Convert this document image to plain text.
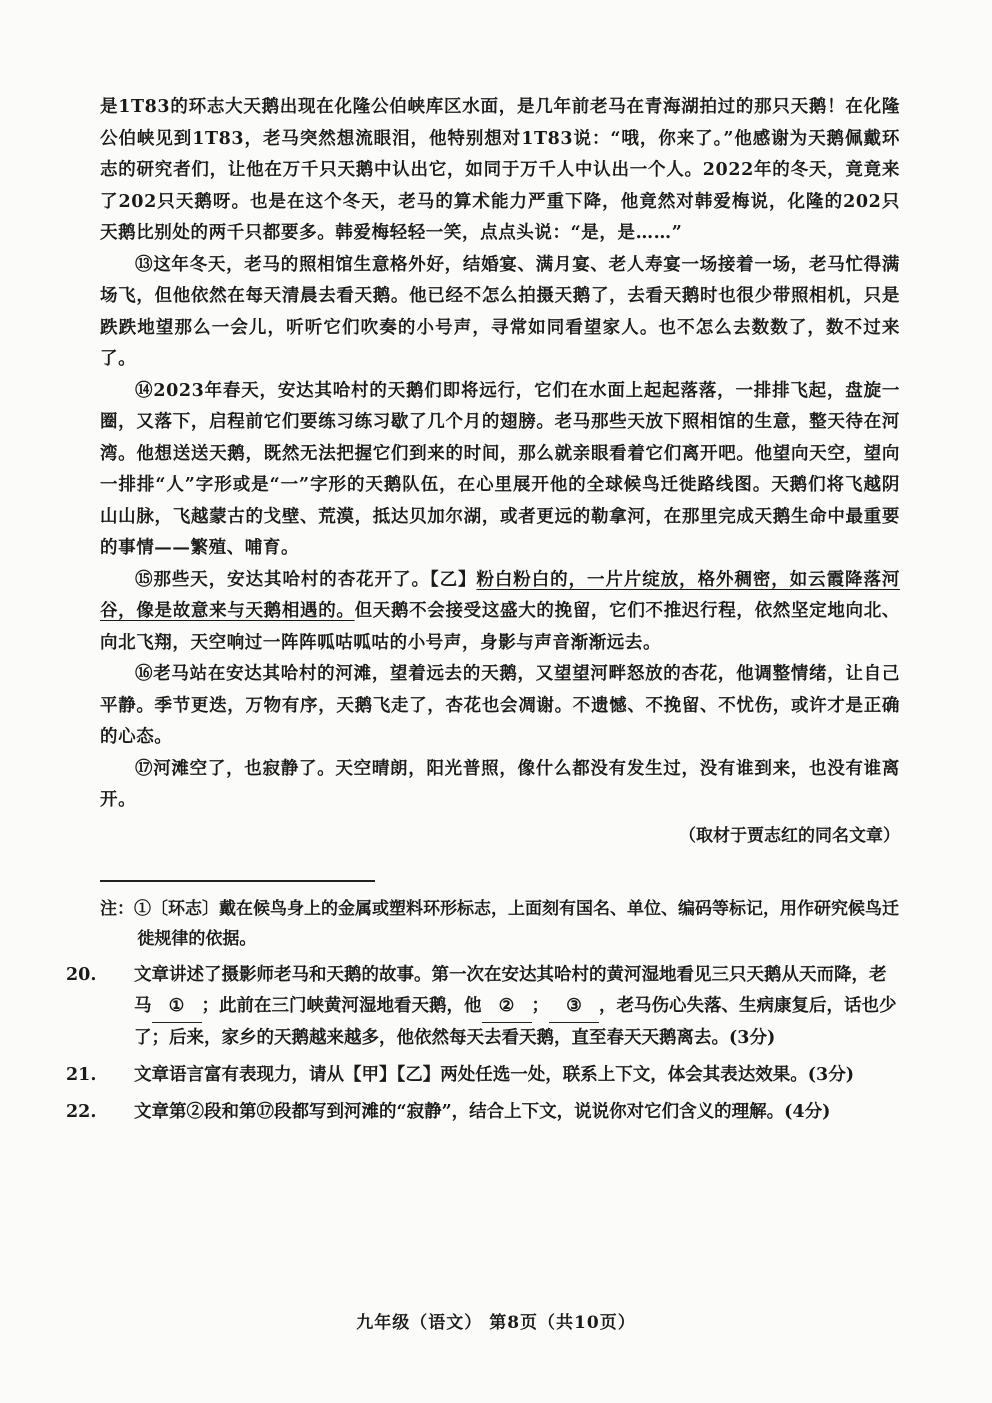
是1T83的环志大天鹅出现在化隆公伯峡库区水面，是几年前老马在青海湖拍过的那只天鹅！在化隆公伯峡见到1T83，老马突然想流眼泪，他特别想对1T83说：“哦，你来了。”他感谢为天鹅佩戴环志的研究者们，让他在万千只天鹅中认出它，如同于万千人中认出一个人。2022年的冬天，竟竟来了202只天鹅呀。也是在这个冬天，老马的算术能力严重下降，他竟然对韩爱梅说，化隆的202只天鹅比别处的两千只都要多。韩爱梅轻轻一笑，点点头说：“是，是……”

⑬这年冬天，老马的照相馆生意格外好，结婚宴、满月宴、老人寿宴一场接着一场，老马忙得满场飞，但他依然在每天清晨去看天鹅。他已经不怎么拍摄天鹅了，去看天鹅时也很少带照相机，只是跌跌地望那么一会儿，听听它们吹奏的小号声，寻常如同看望家人。也不怎么去数数了，数不过来了。

⑭2023年春天，安达其哈村的天鹅们即将远行，它们在水面上起起落落，一排排飞起，盘旋一圈，又落下，启程前它们要练习练习歇了几个月的翅膀。老马那些天放下照相馆的生意，整天待在河湾。他想送送天鹅，既然无法把握它们到来的时间，那么就亲眼看着它们离开吧。他望向天空，望向一排排“人”字形或是“一”字形的天鹅队伍，在心里展开他的全球候鸟迁徙路线图。天鹅们将飞越阴山山脉，飞越蒙古的戈壁、荒漠，抵达贝加尔湖，或者更远的勒拿河，在那里完成天鹅生命中最重要的事情——繁殖、哺育。

⑮那些天，安达其哈村的杏花开了。【乙】粉白粉白的，一片片绽放，格外稠密，如云霞降落河谷，像是故意来与天鹅相遇的。但天鹅不会接受这盛大的挽留，它们不推迟行程，依然坚定地向北、向北飞翔，天空响过一阵阵呱咕呱咕的小号声，身影与声音渐渐远去。

⑯老马站在安达其哈村的河滩，望着远去的天鹅，又望望河畔怒放的杏花，他调整情绪，让自己平静。季节更迭，万物有序，天鹅飞走了，杏花也会凋谢。不遗憾、不挽留、不忧伤，或许才是正确的心态。

⑰河滩空了，也寂静了。天空晴朗，阳光普照，像什么都没有发生过，没有谁到来，也没有谁离开。

（取材于贾志红的同名文章）
注：①〔环志〕戴在候鸟身上的金属或塑料环形标志，上面刻有国名、单位、编码等标记，用作研究候鸟迁徙规律的依据。
20. 文章讲述了摄影师老马和天鹅的故事。第一次在安达其哈村的黄河湿地看见三只天鹅从天而降，老马 ① ；此前在三门峡黄河湿地看天鹅，他 ② ； ③ ，老马伤心失落、生病康复后，话也少了；后来，家乡的天鹅越来越多，他依然每天去看天鹅，直至春天天鹅离去。(3分)
21. 文章语言富有表现力，请从【甲】【乙】两处任选一处，联系上下文，体会其表达效果。(3分)
22. 文章第②段和第⑰段都写到河滩的“寂静”，结合上下文，说说你对它们含义的理解。(4分)
九年级（语文） 第8页（共10页）
